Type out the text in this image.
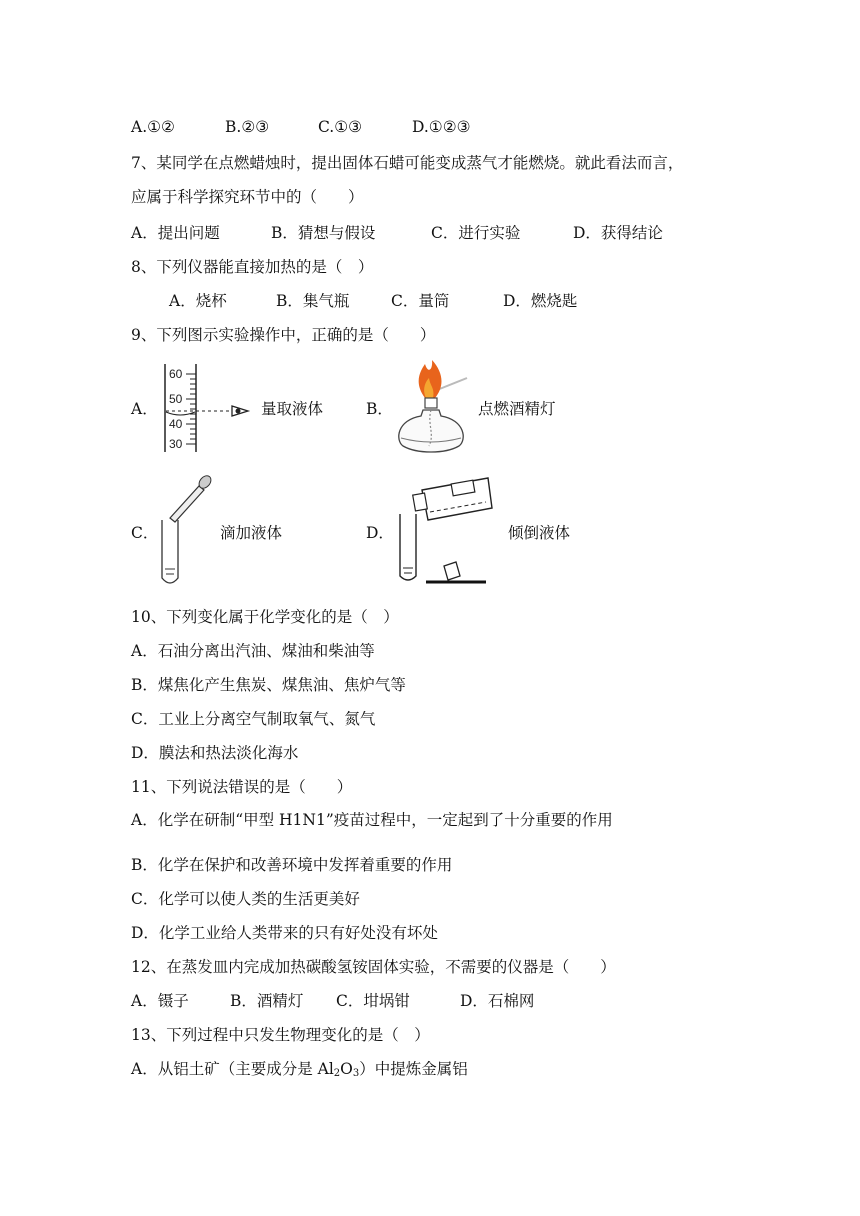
A.①②	B.②③	C.①③	D.①②③
7、某同学在点燃蜡烛时，提出固体石蜡可能变成蒸气才能燃烧。就此看法而言，
应属于科学探究环节中的（　　）
A．提出问题	B．猜想与假设	C．进行实验	D．获得结论
8、下列仪器能直接加热的是（　）
A．烧杯	B．集气瓶	C．量筒	D．燃烧匙
9、下列图示实验操作中，正确的是（　　）
A．
60
50
40
30
量取液体	B．	点燃酒精灯
C．	滴加液体	D．	倾倒液体
10、下列变化属于化学变化的是（　）
A．石油分离出汽油、煤油和柴油等
B．煤焦化产生焦炭、煤焦油、焦炉气等
C．工业上分离空气制取氧气、氮气
D．膜法和热法淡化海水
11、下列说法错误的是（　　）
A．化学在研制“甲型 H1N1”疫苗过程中，一定起到了十分重要的作用
B．化学在保护和改善环境中发挥着重要的作用
C．化学可以使人类的生活更美好
D．化学工业给人类带来的只有好处没有坏处
12、在蒸发皿内完成加热碳酸氢铵固体实验，不需要的仪器是（　　）
A．镊子	B．酒精灯 C．坩埚钳	D．石棉网
13、下列过程中只发生物理变化的是（　）
A．从铝土矿（主要成分是 $Al_2O_3$）中提炼金属铝
